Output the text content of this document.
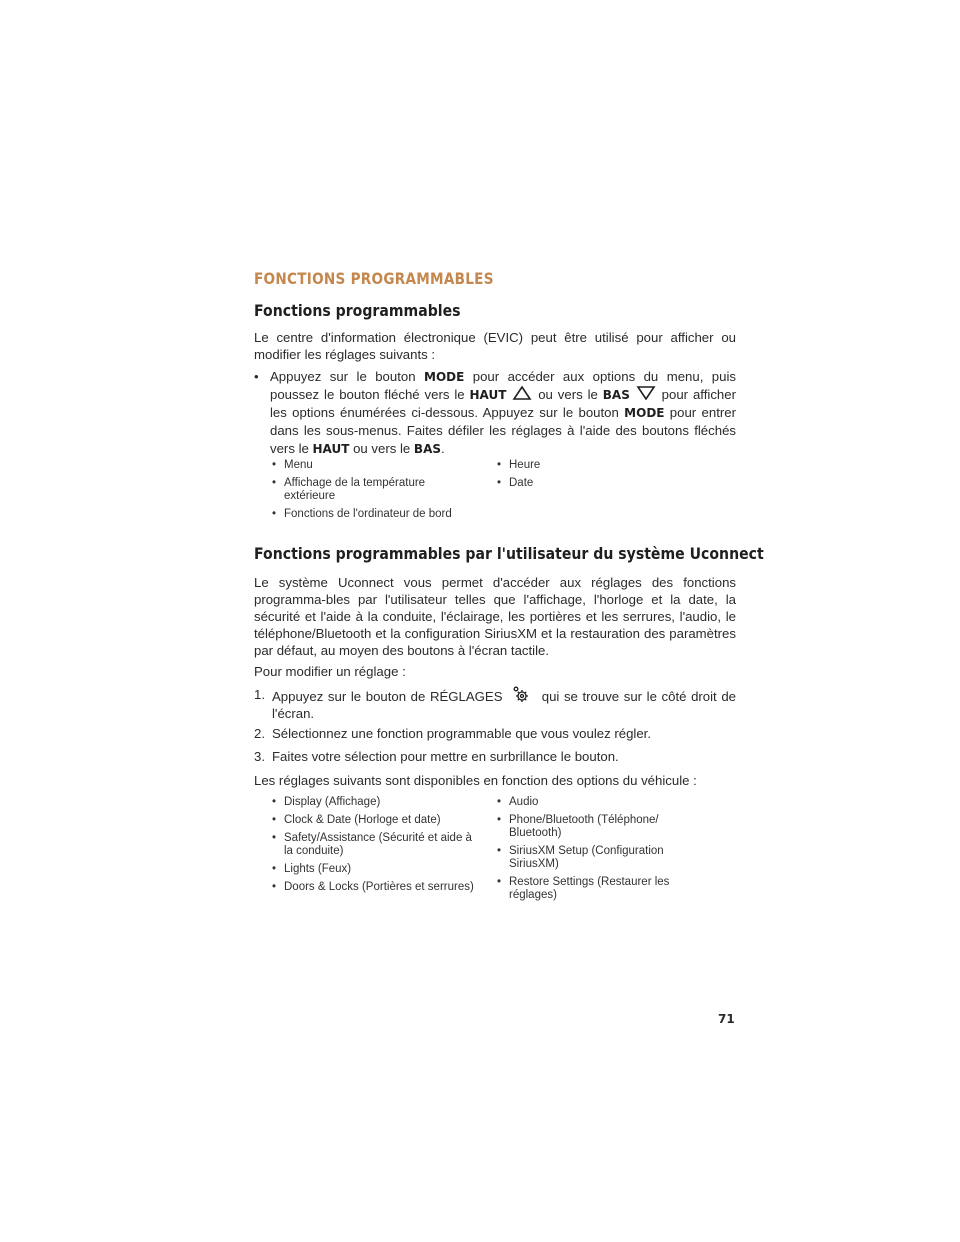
FONCTIONS PROGRAMMABLES
Fonctions programmables
Le centre d'information électronique (EVIC) peut être utilisé pour afficher ou modifier les réglages suivants :
• Appuyez sur le bouton MODE pour accéder aux options du menu, puis poussez le bouton fléché vers le HAUT
ou vers le BAS
pour afficher les options énumérées ci-dessous. Appuyez sur le bouton MODE pour entrer dans les sous-menus. Faites défiler les réglages à l'aide des boutons fléchés vers le HAUT ou vers le BAS.
• Menu
• Affichage de la température extérieure
• Fonctions de l'ordinateur de bord
• Heure
• Date
Fonctions programmables par l'utilisateur du système Uconnect
Le système Uconnect vous permet d'accéder aux réglages des fonctions programma-bles par l'utilisateur telles que l'affichage, l'horloge et la date, la sécurité et l'aide à la conduite, l'éclairage, les portières et les serrures, l'audio, le téléphone/Bluetooth et la configuration SiriusXM et la restauration des paramètres par défaut, au moyen des boutons à l'écran tactile.
Pour modifier un réglage :
1. Appuyez sur le bouton de RÉGLAGES  qui se trouve sur le côté droit de l'écran.
2. Sélectionnez une fonction programmable que vous voulez régler.
3. Faites votre sélection pour mettre en surbrillance le bouton.
Les réglages suivants sont disponibles en fonction des options du véhicule :
• Display (Affichage)
• Clock & Date (Horloge et date)
• Safety/Assistance (Sécurité et aide à la conduite)
• Lights (Feux)
• Doors & Locks (Portières et serrures)
• Audio
• Phone/Bluetooth (Téléphone/ Bluetooth)
• SiriusXM Setup (Configuration SiriusXM)
• Restore Settings (Restaurer les réglages)
71
